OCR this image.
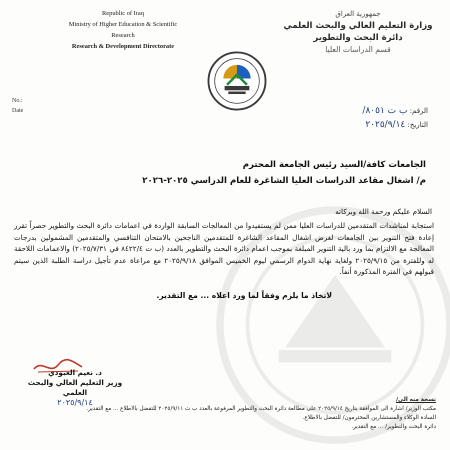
Republic of Iraq
Ministry of Higher Education & Scientific
Research
Research & Development Directorate
جمهورية العراق
وزارة التعليم العالي والبحث العلمي
دائرة البحث والتطوير
قسم الدراسات العليا
No.:
Date	الرقم: ب ت ٨٠٥١/
التاريخ: ٢٠٢٥/٩/١٤
الجامعات كافة/السيد رئيس الجامعة المحترم
م/ اشغال مقاعد الدراسات العليا الشاغرة للعام الدراسي ٢٠٢٥-٢٠٢٦
السلام عليكم ورحمة الله وبركاته
استجابة لمناشدات المتقدمين للدراسات العليا ممن لم يستفيدوا من المعالجات السابقة الواردة في اعمامات دائرة البحث والتطوير حصراً تقرر إعادة فتح التنوير بين الجامعات لغرض اشغال المقاعد الشاغرة للمتقدمين الناجحين بالامتحان التنافسي والمتقدمين المشمولين بدرجات المعالجة مع الالتزام بما ورد بالية التنوير المبلغة بموجب اعمام دائرة البحث والتطوير بالعدد (ب ت ٨٤٢٢/٤ في ٢٠٢٥/٧/٣١) والاعمامات اللاحقة له وللفترة من ٢٠٢٥/٩/١٥ ولغاية نهاية الدوام الرسمي ليوم الخميس الموافق ٢٠٢٥/٩/١٨ مع مراعاة عدم تأجيل دراسة الطلبة الذين سيتم قبولهم في الفترة المذكورة أنفاً.
لاتخاذ ما يلزم وفقاً لما ورد اعلاه ... مع التقدير.
د. نعيم العبودي
وزير التعليم العالي والبحث العلمي
٢٠٢٥/٩/١٤	نسخة منه الى/
مكتب الوزير/ اشارة الى الموافقة بتاريخ ٢٠٢٥/٩/١٤ على مطالعة دائرة البحث والتطوير المرفوعة بالعدد ب ت ٢٠٢٥/٩/١١ للتفضل بالاطلاع ... مع التقدير.
السادة الوكلاء والمستشارين المحترمون/ للتفضل بالاطلاع.
دائرة البحث والتطوير/ ... مع التقدير.
